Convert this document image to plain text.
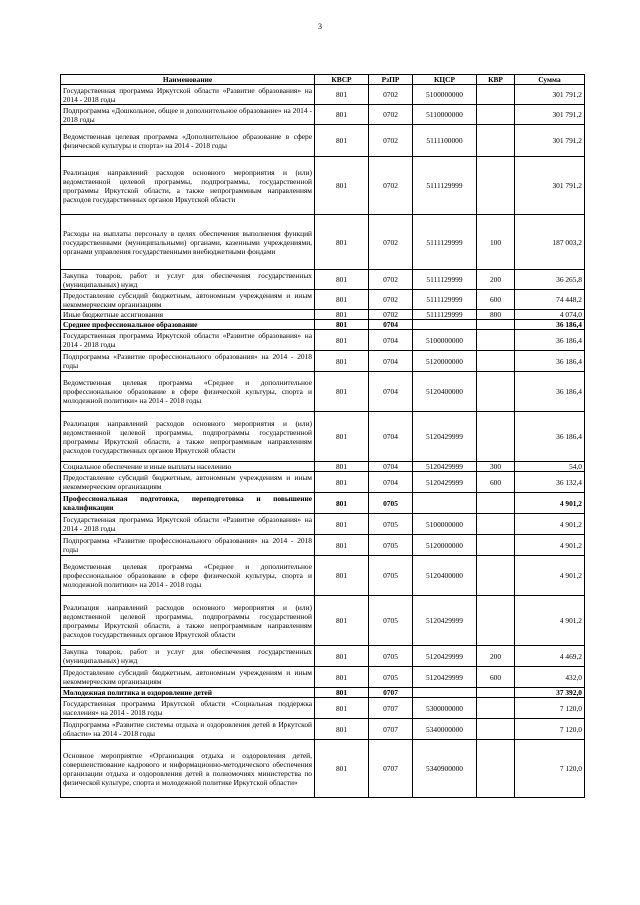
3
Наименование	КВСР	РзПР	КЦСР	КВР	Сумма
Государственная программа Иркутской области «Развитие образования» на 2014 - 2018 годы	801	0702	5100000000		301 791,2
Подпрограмма «Дошкольное, общее и дополнительное образование» на 2014 - 2018 годы	801	0702	5110000000		301 791,2
Ведомственная целевая программа «Дополнительное образование в сфере физической культуры и спорта» на 2014 - 2018 годы	801	0702	5111100000		301 791,2
Реализация направлений расходов основного мероприятия и (или) ведомственной целевой программы, подпрограммы, государственной программы Иркутской области, а также непрограммным направлениям расходов государственных органов Иркутской области	801	0702	5111129999		301 791,2
Расходы на выплаты персоналу в целях обеспечения выполнения функций государственными (муниципальными) органами, казенными учреждениями, органами управления государственными внебюджетными фондами	801	0702	5111129999	100	187 003,2
Закупка товаров, работ и услуг для обеспечения государственных (муниципальных) нужд	801	0702	5111129999	200	36 265,8
Предоставление субсидий бюджетным, автономным учреждениям и иным некоммерческим организациям	801	0702	5111129999	600	74 448,2
Иные бюджетные ассигнования	801	0702	5111129999	800	4 074,0
Среднее профессиональное образование	801	0704			36 186,4
Государственная программа Иркутской области «Развитие образования» на 2014 - 2018 годы	801	0704	5100000000		36 186,4
Подпрограмма «Развитие профессионального образования» на 2014 - 2018 годы	801	0704	5120000000		36 186,4
Ведомственная целевая программа «Среднее и дополнительное профессиональное образование в сфере физической культуры, спорта и молодежной политики» на 2014 - 2018 годы	801	0704	5120400000		36 186,4
Реализация направлений расходов основного мероприятия и (или) ведомственной целевой программы, подпрограммы государственной программы Иркутской области, а также непрограммным направлениям расходов государственных органов Иркутской области	801	0704	5120429999		36 186,4
Социальное обеспечение и иные выплаты населению	801	0704	5120429999	300	54,0
Предоставление субсидий бюджетным, автономным учреждениям и иным некоммерческим организациям	801	0704	5120429999	600	36 132,4
Профессиональная подготовка, переподготовка и повышение квалификации	801	0705			4 901,2
Государственная программа Иркутской области «Развитие образования» на 2014 - 2018 годы	801	0705	5100000000		4 901,2
Подпрограмма «Развитие профессионального образования» на 2014 - 2018 годы	801	0705	5120000000		4 901,2
Ведомственная целевая программа «Среднее и дополнительное профессиональное образование в сфере физической культуры, спорта и молодежной политики» на 2014 - 2018 годы	801	0705	5120400000		4 901,2
Реализация направлений расходов основного мероприятия и (или) ведомственной целевой программы, подпрограммы государственной программы Иркутской области, а также непрограммным направлениям расходов государственных органов Иркутской области	801	0705	5120429999		4 901,2
Закупка товаров, работ и услуг для обеспечения государственных (муниципальных) нужд	801	0705	5120429999	200	4 469,2
Предоставление субсидий бюджетным, автономным учреждениям и иным некоммерческим организациям	801	0705	5120429999	600	432,0
Молодежная политика и оздоровление детей	801	0707			37 392,0
Государственная программа Иркутской области «Социальная поддержка населения» на 2014 - 2018 годы	801	0707	5300000000		7 120,0
Подпрограмма «Развитие системы отдыха и оздоровления детей в Иркутской области» на 2014 - 2018 годы	801	0707	5340000000		7 120,0
Основное мероприятие «Организация отдыха и оздоровления детей, совершенствование кадрового и информационно-методического обеспечения организации отдыха и оздоровления детей в полномочиях министерства по физической культуре, спорта и молодежной политике Иркутской области»	801	0707	5340900000		7 120,0
